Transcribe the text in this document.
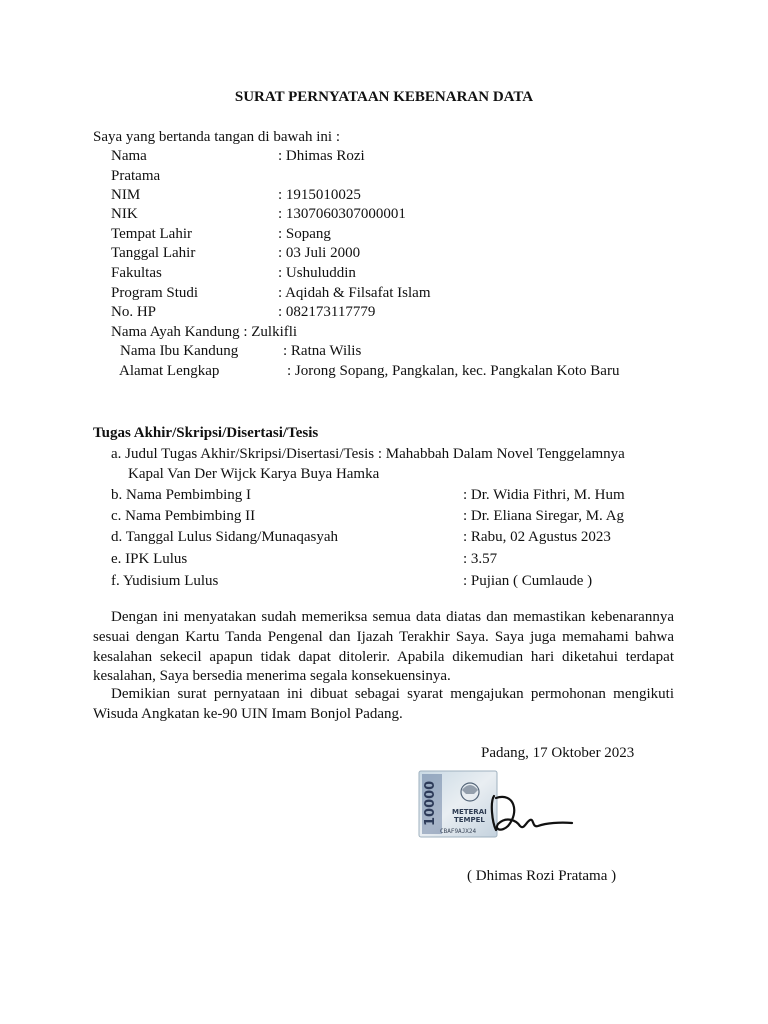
SURAT PERNYATAAN KEBENARAN DATA
Saya yang bertanda tangan di bawah ini :
Nama	: Dhimas Rozi
Pratama
NIM	: 1915010025
NIK	: 1307060307000001
Tempat Lahir	: Sopang
Tanggal Lahir	: 03 Juli 2000
Fakultas	: Ushuluddin
Program Studi	: Aqidah & Filsafat Islam
No. HP	: 082173117779
Nama Ayah Kandung : Zulkifli
Nama Ibu Kandung	: Ratna Wilis
Alamat Lengkap	: Jorong Sopang, Pangkalan, kec. Pangkalan Koto Baru
Tugas Akhir/Skripsi/Disertasi/Tesis
a. Judul Tugas Akhir/Skripsi/Disertasi/Tesis : Mahabbah Dalam Novel Tenggelamnya
Kapal Van Der Wijck Karya Buya Hamka
b. Nama Pembimbing I	: Dr. Widia Fithri, M. Hum
c. Nama Pembimbing II	: Dr. Eliana Siregar, M. Ag
d. Tanggal Lulus Sidang/Munaqasyah	: Rabu, 02 Agustus 2023
e. IPK Lulus	: 3.57
f. Yudisium Lulus	: Pujian ( Cumlaude )
Dengan ini menyatakan sudah memeriksa semua data diatas dan memastikan kebenarannya sesuai dengan Kartu Tanda Pengenal dan Ijazah Terakhir Saya. Saya juga memahami bahwa kesalahan sekecil apapun tidak dapat ditolerir. Apabila dikemudian hari diketahui terdapat kesalahan, Saya bersedia menerima segala konsekuensinya.
Demikian surat pernyataan ini dibuat sebagai syarat mengajukan permohonan mengikuti Wisuda Angkatan ke-90 UIN Imam Bonjol Padang.
Padang, 17 Oktober 2023
10000 METERAI
TEMPEL
CBAF9AJX24
( Dhimas Rozi Pratama )
